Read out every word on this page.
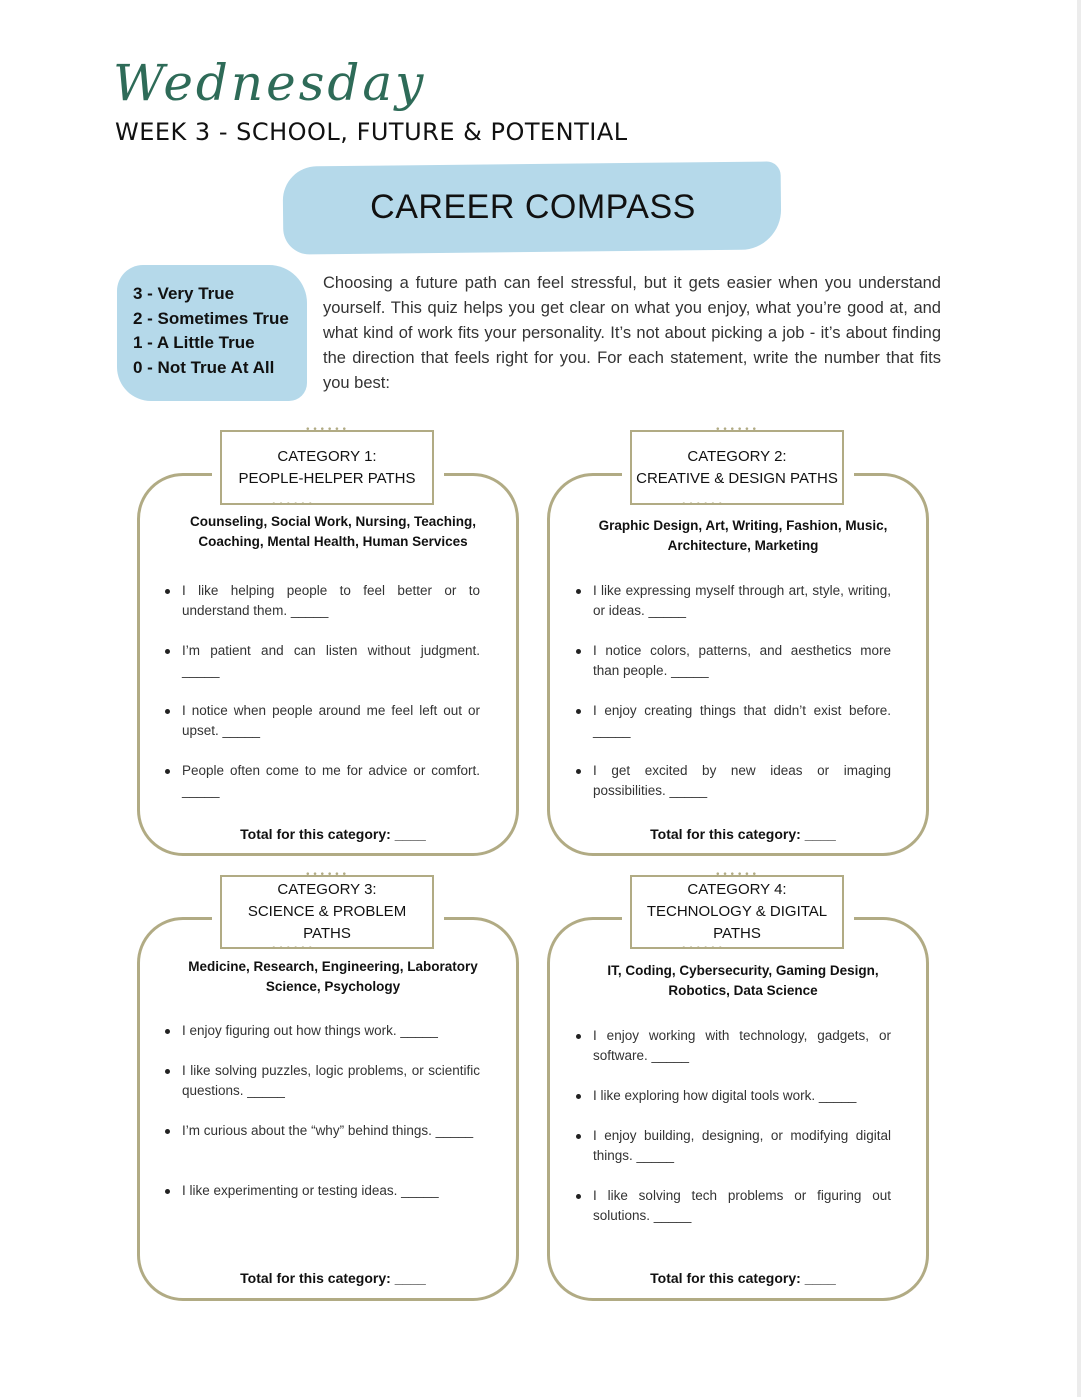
Wednesday
WEEK 3 - SCHOOL, FUTURE & POTENTIAL
CAREER COMPASS
3 - Very True
2 - Sometimes True
1 - A Little True
0 - Not True At All

Choosing a future path can feel stressful, but it gets easier when you understand yourself. This quiz helps you get clear on what you enjoy, what you’re good at, and what kind of work fits your personality. It’s not about picking a job - it’s about finding the direction that feels right for you. For each statement, write the number that fits you best:

CATEGORY 1:
PEOPLE-HELPER PATHS
••••••
••••••
Counseling, Social Work, Nursing, Teaching, Coaching, Mental Health, Human Services
I like helping people to feel better or to understand them. _____
I’m patient and can listen without judgment. _____
I notice when people around me feel left out or upset. _____
People often come to me for advice or comfort. _____
Total for this category: ____
CATEGORY 2:
CREATIVE & DESIGN PATHS
••••••
••••••
Graphic Design, Art, Writing, Fashion, Music, Architecture, Marketing
I like expressing myself through art, style, writing, or ideas. _____
I notice colors, patterns, and aesthetics more than people. _____
I enjoy creating things that didn’t exist before. _____
I get excited by new ideas or imaging possibilities. _____
Total for this category: ____
CATEGORY 3:
SCIENCE & PROBLEM
PATHS
••••••
••••••
Medicine, Research, Engineering, Laboratory Science, Psychology
I enjoy figuring out how things work. _____
I like solving puzzles, logic problems, or scientific questions. _____
I’m curious about the “why” behind things. _____
I like experimenting or testing ideas. _____
Total for this category: ____
CATEGORY 4:
TECHNOLOGY & DIGITAL
PATHS
••••••
••••••
IT, Coding, Cybersecurity, Gaming Design, Robotics, Data Science
I enjoy working with technology, gadgets, or software. _____
I like exploring how digital tools work. _____
I enjoy building, designing, or modifying digital things. _____
I like solving tech problems or figuring out solutions. _____
Total for this category: ____
